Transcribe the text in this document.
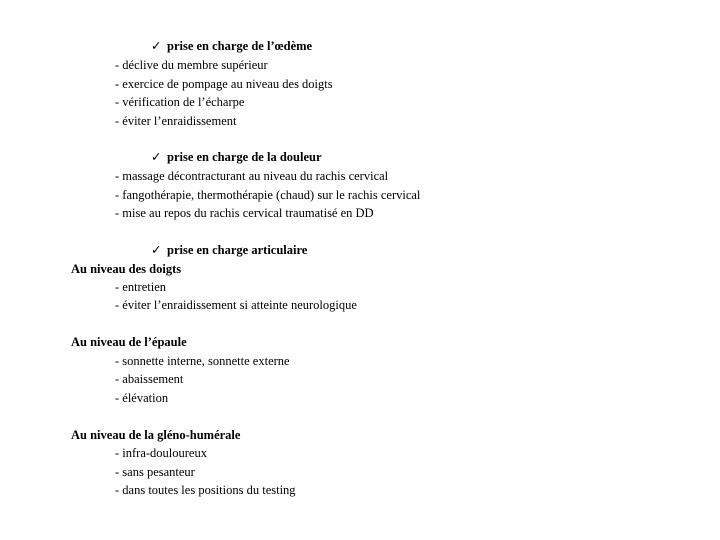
✓ prise en charge de l’œdème
- déclive du membre supérieur
- exercice de pompage au niveau des doigts
- vérification de l’écharpe
- éviter l’enraidissement
✓ prise en charge de la douleur
- massage décontracturant au niveau du rachis cervical
- fangothérapie, thermothérapie (chaud) sur le rachis cervical
- mise au repos du rachis cervical traumatisé en DD
✓ prise en charge articulaire
Au niveau des doigts
- entretien
- éviter l’enraidissement si atteinte neurologique
Au niveau de l’épaule
- sonnette interne, sonnette externe
- abaissement
- élévation
Au niveau de la gléno-humérale
- infra-douloureux
- sans pesanteur
- dans toutes les positions du testing
